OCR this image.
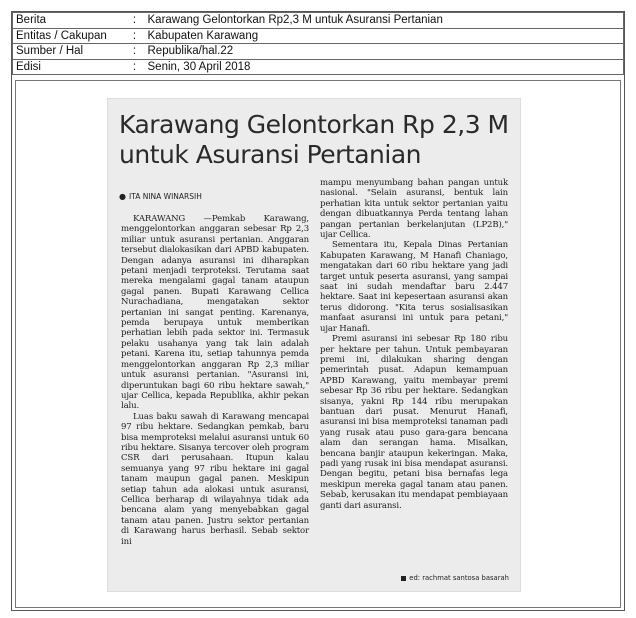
Berita	:	Karawang Gelontorkan Rp2,3 M untuk Asuransi Pertanian
Entitas / Cakupan	:	Kabupaten Karawang
Sumber / Hal	:	Republika/hal.22
Edisi	:	Senin, 30 April 2018
Karawang Gelontorkan Rp 2,3 M untuk Asuransi Pertanian
● ITA NINA WINARSIH

KARAWANG —Pemkab Karawang, menggelontorkan anggaran sebesar Rp 2,3 miliar untuk asuransi pertanian. Anggaran tersebut dialokasikan dari APBD kabupaten. Dengan adanya asuransi ini diharapkan petani menjadi terproteksi. Terutama saat mereka mengalami gagal tanam ataupun gagal panen. Bupati Karawang Cellica Nurachadiana, mengatakan sektor pertanian ini sangat penting. Karenanya, pemda berupaya untuk memberikan perhatian lebih pada sektor ini. Termasuk pelaku usahanya yang tak lain adalah petani. Karena itu, setiap tahunnya pemda menggelontorkan anggaran Rp 2,3 miliar untuk asuransi pertanian. "Asuransi ini, diperuntukan bagi 60 ribu hektare sawah," ujar Cellica, kepada Republika, akhir pekan lalu.

Luas baku sawah di Karawang mencapai 97 ribu hektare. Sedangkan pemkab, baru bisa memproteksi melalui asuransi untuk 60 ribu hektare. Sisanya tercover oleh program CSR dari perusahaan. Itupun kalau semuanya yang 97 ribu hektare ini gagal tanam maupun gagal panen. Meskipun setiap tahun ada alokasi untuk asuransi, Cellica berharap di wilayahnya tidak ada bencana alam yang menyebabkan gagal tanam atau panen. Justru sektor pertanian di Karawang harus berhasil. Sebab sektor ini

mampu menyumbang bahan pangan untuk nasional. "Selain asuransi, bentuk lain perhatian kita untuk sektor pertanian yaitu dengan dibuatkannya Perda tentang lahan pangan pertanian berkelanjutan (LP2B)," ujar Cellica.

Sementara itu, Kepala Dinas Pertanian Kabupaten Karawang, M Hanafi Chaniago, mengatakan dari 60 ribu hektare yang jadi target untuk peserta asuransi, yang sampai saat ini sudah mendaftar baru 2.447 hektare. Saat ini kepesertaan asuransi akan terus didorong. "Kita terus sosialisasikan manfaat asuransi ini untuk para petani," ujar Hanafi.

Premi asuransi ini sebesar Rp 180 ribu per hektare per tahun. Untuk pembayaran premi ini, dilakukan sharing dengan pemerintah pusat. Adapun kemampuan APBD Karawang, yaitu membayar premi sebesar Rp 36 ribu per hektare. Sedangkan sisanya, yakni Rp 144 ribu merupakan bantuan dari pusat. Menurut Hanafi, asuransi ini bisa memproteksi tanaman padi yang rusak atau puso gara-gara bencana alam dan serangan hama. Misalkan, bencana banjir ataupun kekeringan. Maka, padi yang rusak ini bisa mendapat asuransi. Dengan begitu, petani bisa bernafas lega meskipun mereka gagal tanam atau panen. Sebab, kerusakan itu mendapat pembiayaan ganti dari asuransi.

ed: rachmat santosa basarah
